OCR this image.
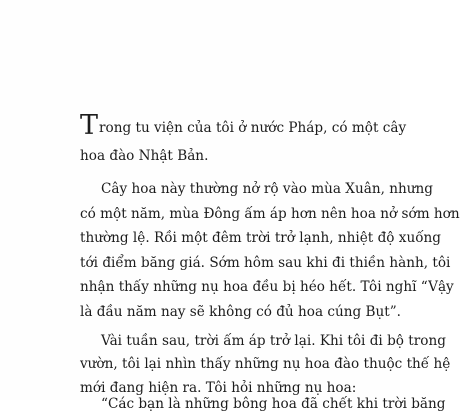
Trong tu viện của tôi ở nước Pháp, có một cây
hoa đào Nhật Bản.
Cây hoa này thường nở rộ vào mùa Xuân, nhưng
có một năm, mùa Đông ấm áp hơn nên hoa nở sớm hơn
thường lệ. Rồi một đêm trời trở lạnh, nhiệt độ xuống
tới điểm băng giá. Sớm hôm sau khi đi thiền hành, tôi
nhận thấy những nụ hoa đều bị héo hết. Tôi nghĩ “Vậy
là đầu năm nay sẽ không có đủ hoa cúng Bụt”.
Vài tuần sau, trời ấm áp trở lại. Khi tôi đi bộ trong
vườn, tôi lại nhìn thấy những nụ hoa đào thuộc thế hệ
mới đang hiện ra. Tôi hỏi những nụ hoa:
“Các bạn là những bông hoa đã chết khi trời băng
